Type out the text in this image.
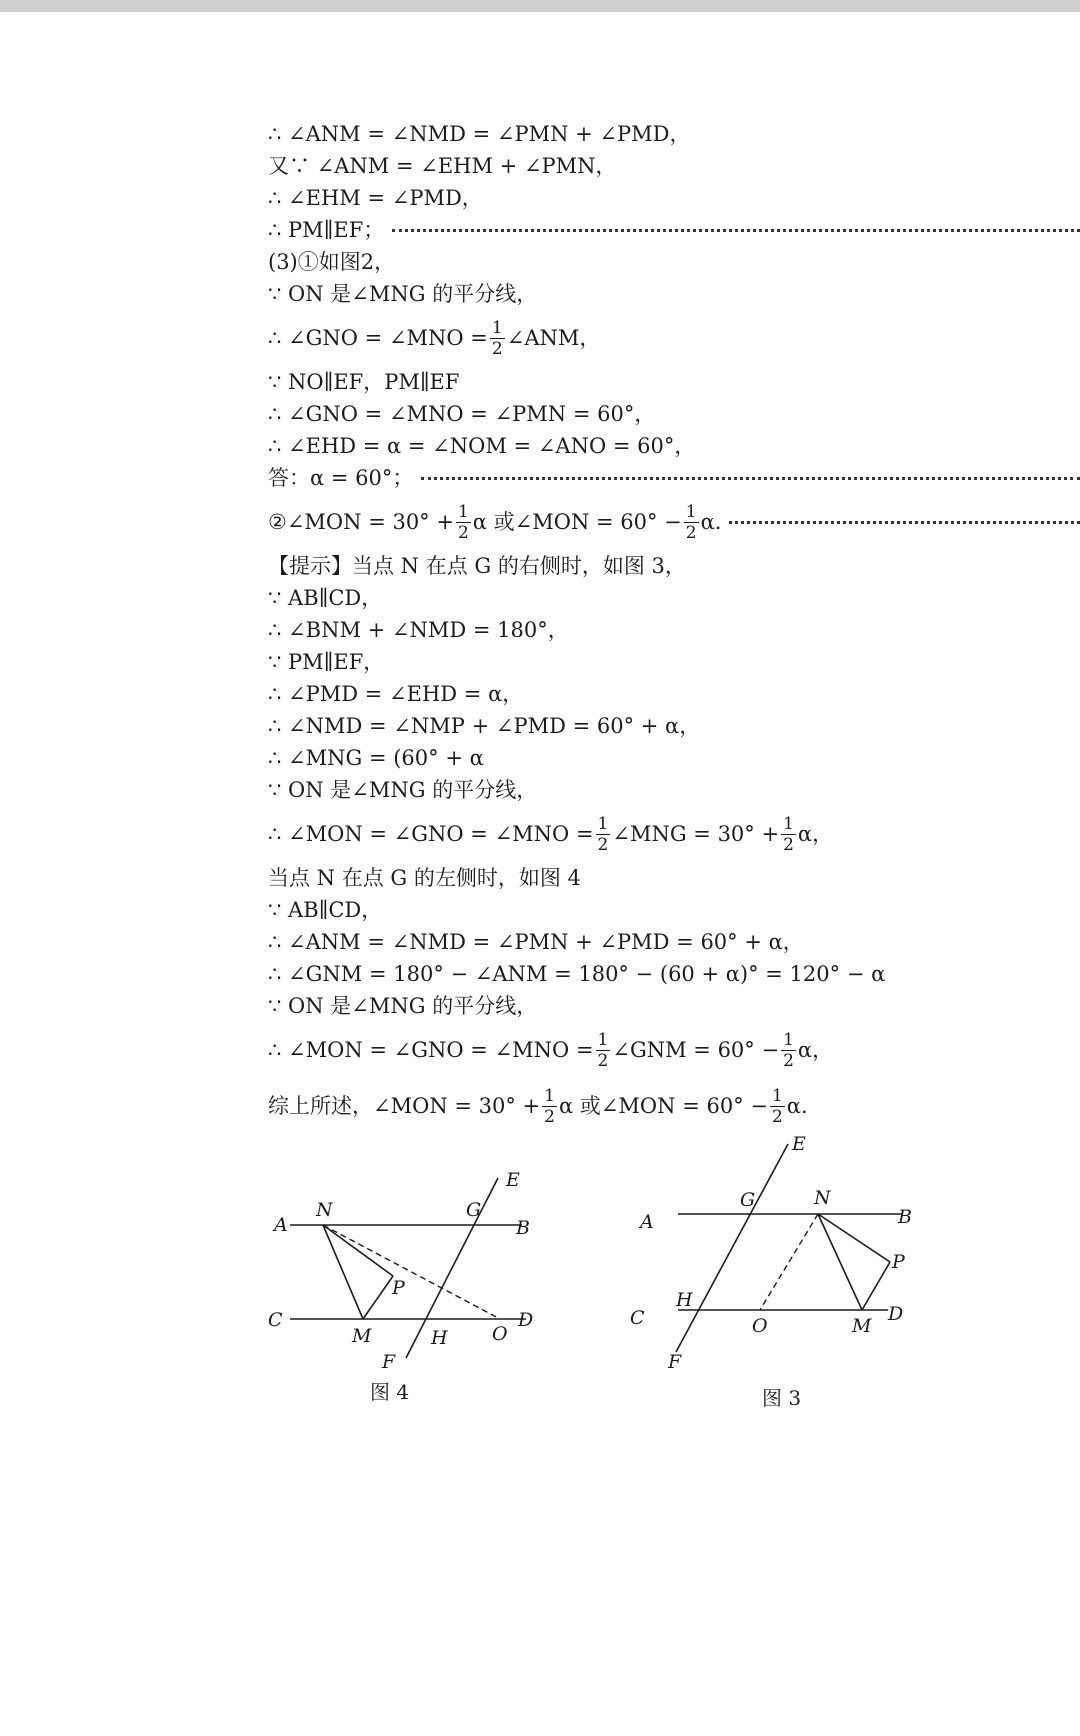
∴ ∠ANM = ∠NMD = ∠PMN + ∠PMD，
又∵ ∠ANM = ∠EHM + ∠PMN，
∴ ∠EHM = ∠PMD，
∴ PM∥EF；
(3)①如图2，
∵ ON 是∠MNG 的平分线，
∴ ∠GNO = ∠MNO = $\frac{1}{2}$ ∠ANM，
∵ NO∥EF，PM∥EF
∴ ∠GNO = ∠MNO = ∠PMN = 60°，
∴ ∠EHD = α = ∠NOM = ∠ANO = 60°，
答：α = 60°；
②∠MON = $30^\circ + \frac{1}{2}$ α 或∠MON = $60^\circ - \frac{1}{2} \alpha$.
【提示】当点 N 在点 G 的右侧时，如图 3，
∵ AB∥CD，
∴ ∠BNM + ∠NMD = 180°，
∵ PM∥EF，
∴ ∠PMD = ∠EHD = α，
∴ ∠NMD = ∠NMP + ∠PMD = 60° + α，
∴ ∠MNG = (60° + α
∵ ON 是∠MNG 的平分线，
∴ ∠MON = ∠GNO = ∠MNO = $\frac{1}{2}$ ∠MNG = $30^\circ + \frac{1}{2}$ α，
当点 N 在点 G 的左侧时，如图 4
∵ AB∥CD，
∴ ∠ANM = ∠NMD = ∠PMN + ∠PMD = 60° + α，
∴ ∠GNM = 180° − ∠ANM = 180° − (60 + α)° = 120° − α
∵ ON 是∠MNG 的平分线，
∴ ∠MON = ∠GNO = ∠MNO = $\frac{1}{2}$ ∠GNM = $60^\circ - \frac{1}{2}$ α，
综上所述，∠MON = $30^\circ + \frac{1}{2}$ α 或∠MON = $60^\circ - \frac{1}{2} \alpha$.
A
N	G
B
E
P
C
M	H O
D
F
图 4
E
A
G	N
B
P
C
H
O	M
D
F
图 3
